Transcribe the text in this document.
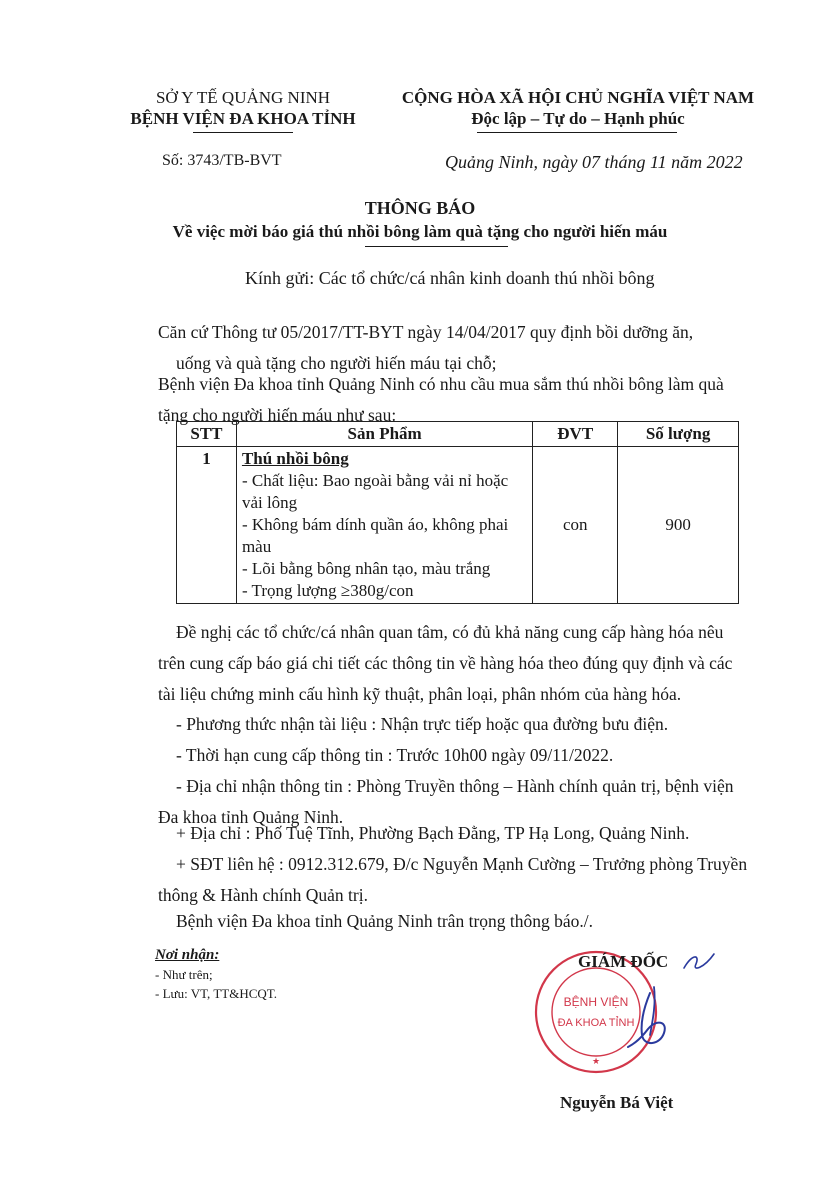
SỞ Y TẾ QUẢNG NINH
BỆNH VIỆN ĐA KHOA TỈNH
CỘNG HÒA XÃ HỘI CHỦ NGHĨA VIỆT NAM
Độc lập – Tự do – Hạnh phúc
Số: 3743/TB-BVT	Quảng Ninh, ngày 07 tháng 11 năm 2022
THÔNG BÁO
Về việc mời báo giá thú nhồi bông làm quà tặng cho người hiến máu
Kính gửi: Các tổ chức/cá nhân kinh doanh thú nhồi bông

Căn cứ Thông tư 05/2017/TT-BYT ngày 14/04/2017 quy định bồi dưỡng ăn, uống và quà tặng cho người hiến máu tại chỗ;

Bệnh viện Đa khoa tỉnh Quảng Ninh có nhu cầu mua sắm thú nhồi bông làm quà tặng cho người hiến máu như sau:

STT	Sản Phẩm	ĐVT	Số lượng
1	Thú nhồi bông
- Chất liệu: Bao ngoài bằng vải nỉ hoặc vải lông
- Không bám dính quần áo, không phai màu
- Lõi bằng bông nhân tạo, màu trắng
- Trọng lượng ≥380g/con	con	900

Đề nghị các tổ chức/cá nhân quan tâm, có đủ khả năng cung cấp hàng hóa nêu trên cung cấp báo giá chi tiết các thông tin về hàng hóa theo đúng quy định và các tài liệu chứng minh cấu hình kỹ thuật, phân loại, phân nhóm của hàng hóa.

- Phương thức nhận tài liệu : Nhận trực tiếp hoặc qua đường bưu điện.

- Thời hạn cung cấp thông tin : Trước 10h00 ngày 09/11/2022.

- Địa chỉ nhận thông tin : Phòng Truyền thông – Hành chính quản trị, bệnh viện Đa khoa tỉnh Quảng Ninh.

+ Địa chỉ : Phố Tuệ Tĩnh, Phường Bạch Đằng, TP Hạ Long, Quảng Ninh.

+ SĐT liên hệ : 0912.312.679, Đ/c Nguyễn Mạnh Cường – Trưởng phòng Truyền thông & Hành chính Quản trị.

Bệnh viện Đa khoa tỉnh Quảng Ninh trân trọng thông báo./.

Nơi nhận:
- Như trên;
- Lưu: VT, TT&HCQT.
BỆNH VIỆN
ĐA KHOA TỈNH
★
GIÁM ĐỐC
Nguyễn Bá Việt
